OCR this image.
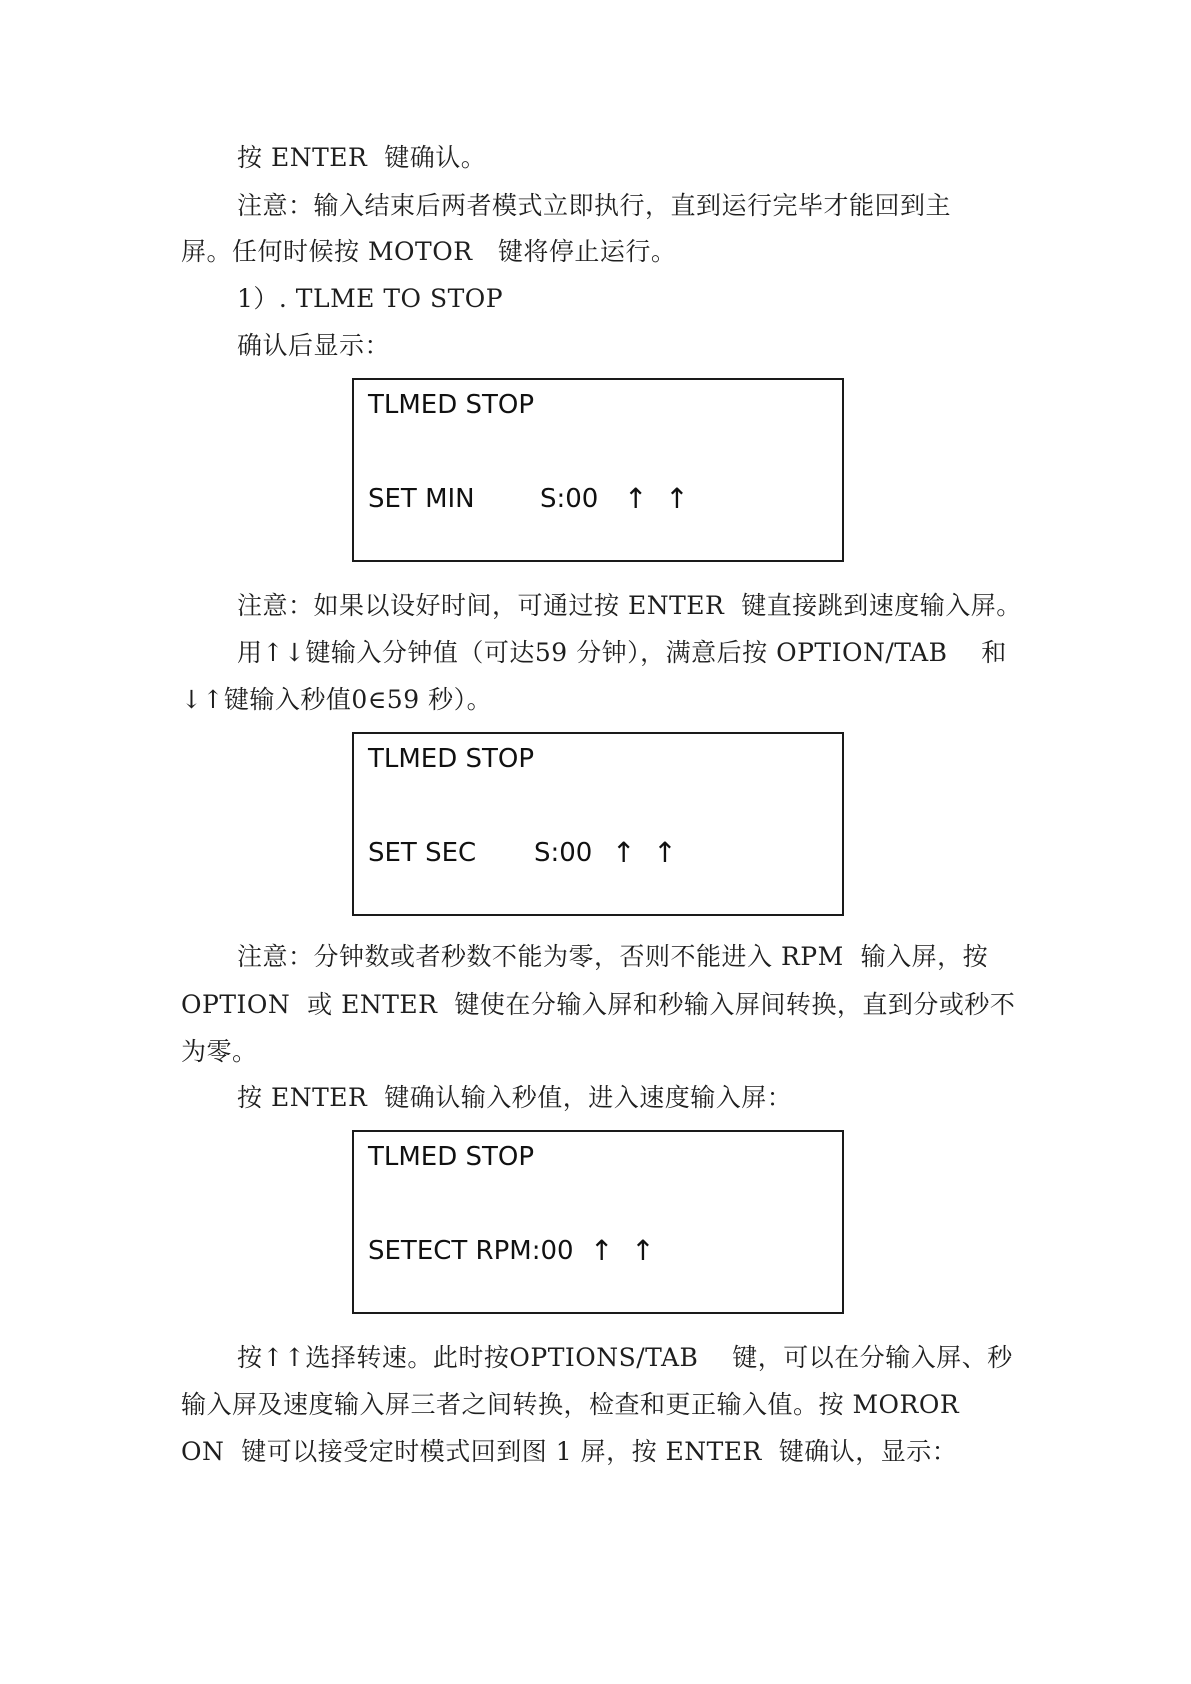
按 ENTER  键确认。
注意：输入结束后两者模式立即执行，直到运行完毕才能回到主
屏。任何时候按 MOTOR   键将停止运行。
1）. TLME TO STOP
确认后显示：
TLMED STOP
SET MIN	S:00 ↑  ↑
注意：如果以设好时间，可通过按 ENTER  键直接跳到速度输入屏。
用↑↓键输入分钟值（可达59 分钟），满意后按 OPTION/TAB    和
↓↑键输入秒值0∈59 秒）。
TLMED STOP
SET SEC S:00 ↑  ↑
注意：分钟数或者秒数不能为零，否则不能进入 RPM  输入屏，按
OPTION  或 ENTER  键使在分输入屏和秒输入屏间转换，直到分或秒不
为零。
按 ENTER  键确认输入秒值，进入速度输入屏：
TLMED STOP
SETECT RPM:00 ↑  ↑
按↑↑选择转速。此时按OPTIONS/TAB    键，可以在分输入屏、秒
输入屏及速度输入屏三者之间转换，检查和更正输入值。按 MOROR
ON  键可以接受定时模式回到图 1 屏，按 ENTER  键确认，显示：
